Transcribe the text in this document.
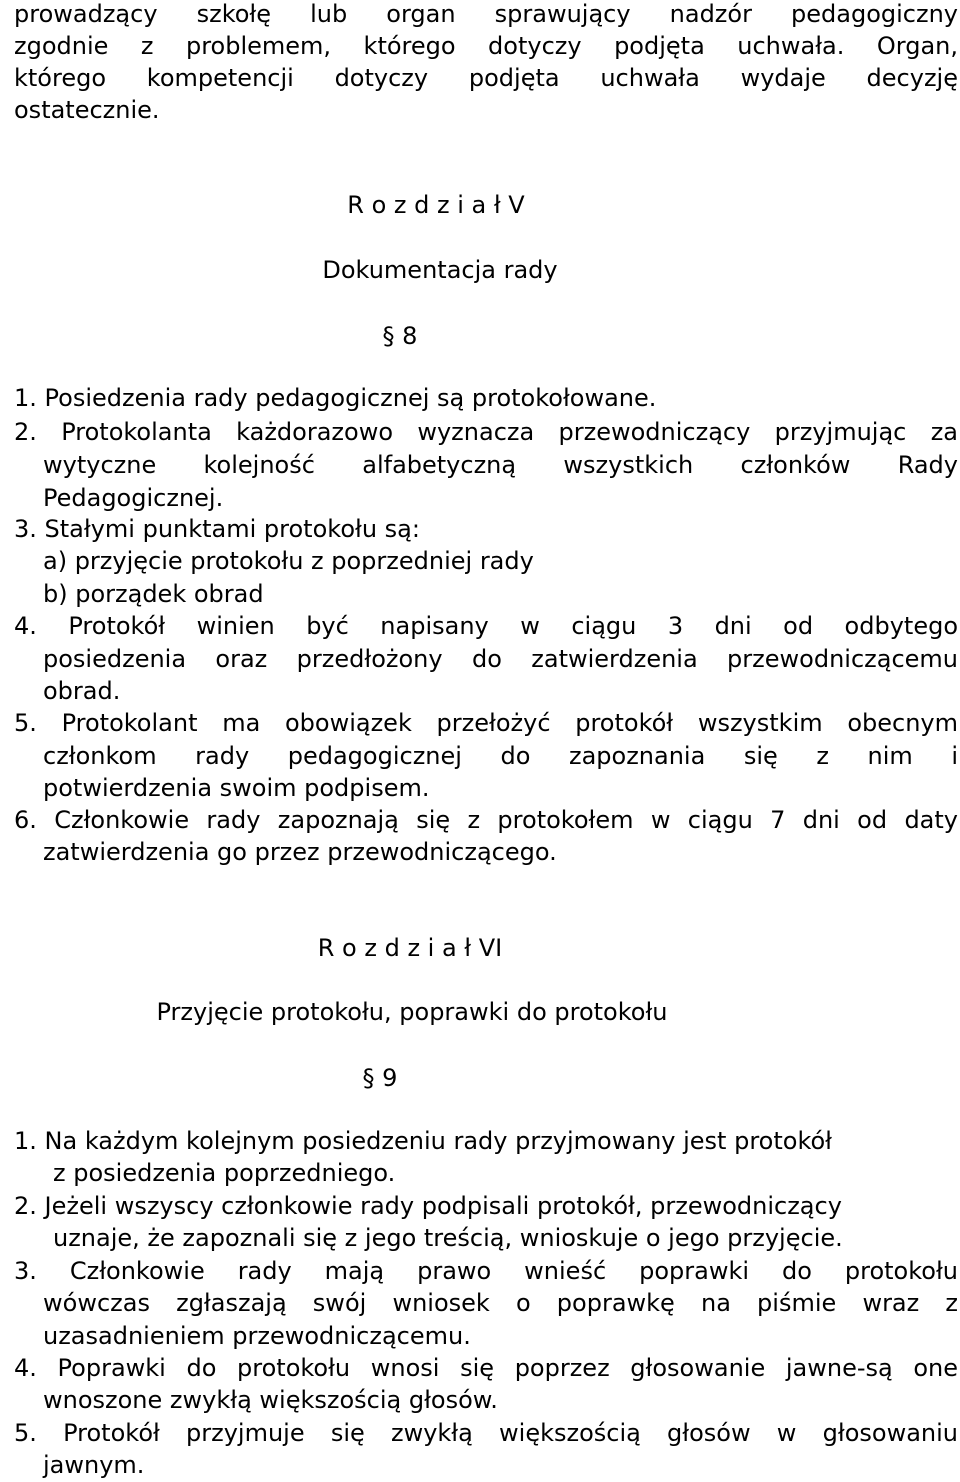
prowadzący szkołę lub organ sprawujący nadzór pedagogiczny
zgodnie z problemem, którego dotyczy podjęta uchwała. Organ,
którego kompetencji dotyczy podjęta uchwała wydaje decyzję
ostatecznie.
R o z d z i a ł V
Dokumentacja rady
§ 8
1. Posiedzenia rady pedagogicznej są protokołowane.
2. Protokolanta każdorazowo wyznacza przewodniczący przyjmując za
wytyczne kolejność alfabetyczną wszystkich członków Rady
Pedagogicznej.
3. Stałymi punktami protokołu są:
a) przyjęcie protokołu z poprzedniej rady
b) porządek obrad
4. Protokół winien być napisany w ciągu 3 dni od odbytego
posiedzenia oraz przedłożony do zatwierdzenia przewodniczącemu
obrad.
5. Protokolant ma obowiązek przełożyć protokół wszystkim obecnym
członkom rady pedagogicznej do zapoznania się z nim i
potwierdzenia swoim podpisem.
6. Członkowie rady zapoznają się z protokołem w ciągu 7 dni od daty
zatwierdzenia go przez przewodniczącego.
R o z d z i a ł VI
Przyjęcie protokołu, poprawki do protokołu
§ 9
1. Na każdym kolejnym posiedzeniu rady przyjmowany jest protokół
z posiedzenia poprzedniego.
2. Jeżeli wszyscy członkowie rady podpisali protokół, przewodniczący
uznaje, że zapoznali się z jego treścią, wnioskuje o jego przyjęcie.
3. Członkowie rady mają prawo wnieść poprawki do protokołu
wówczas zgłaszają swój wniosek o poprawkę na piśmie wraz z
uzasadnieniem przewodniczącemu.
4. Poprawki do protokołu wnosi się poprzez głosowanie jawne-są one
wnoszone zwykłą większością głosów.
5. Protokół przyjmuje się zwykłą większością głosów w głosowaniu
jawnym.
